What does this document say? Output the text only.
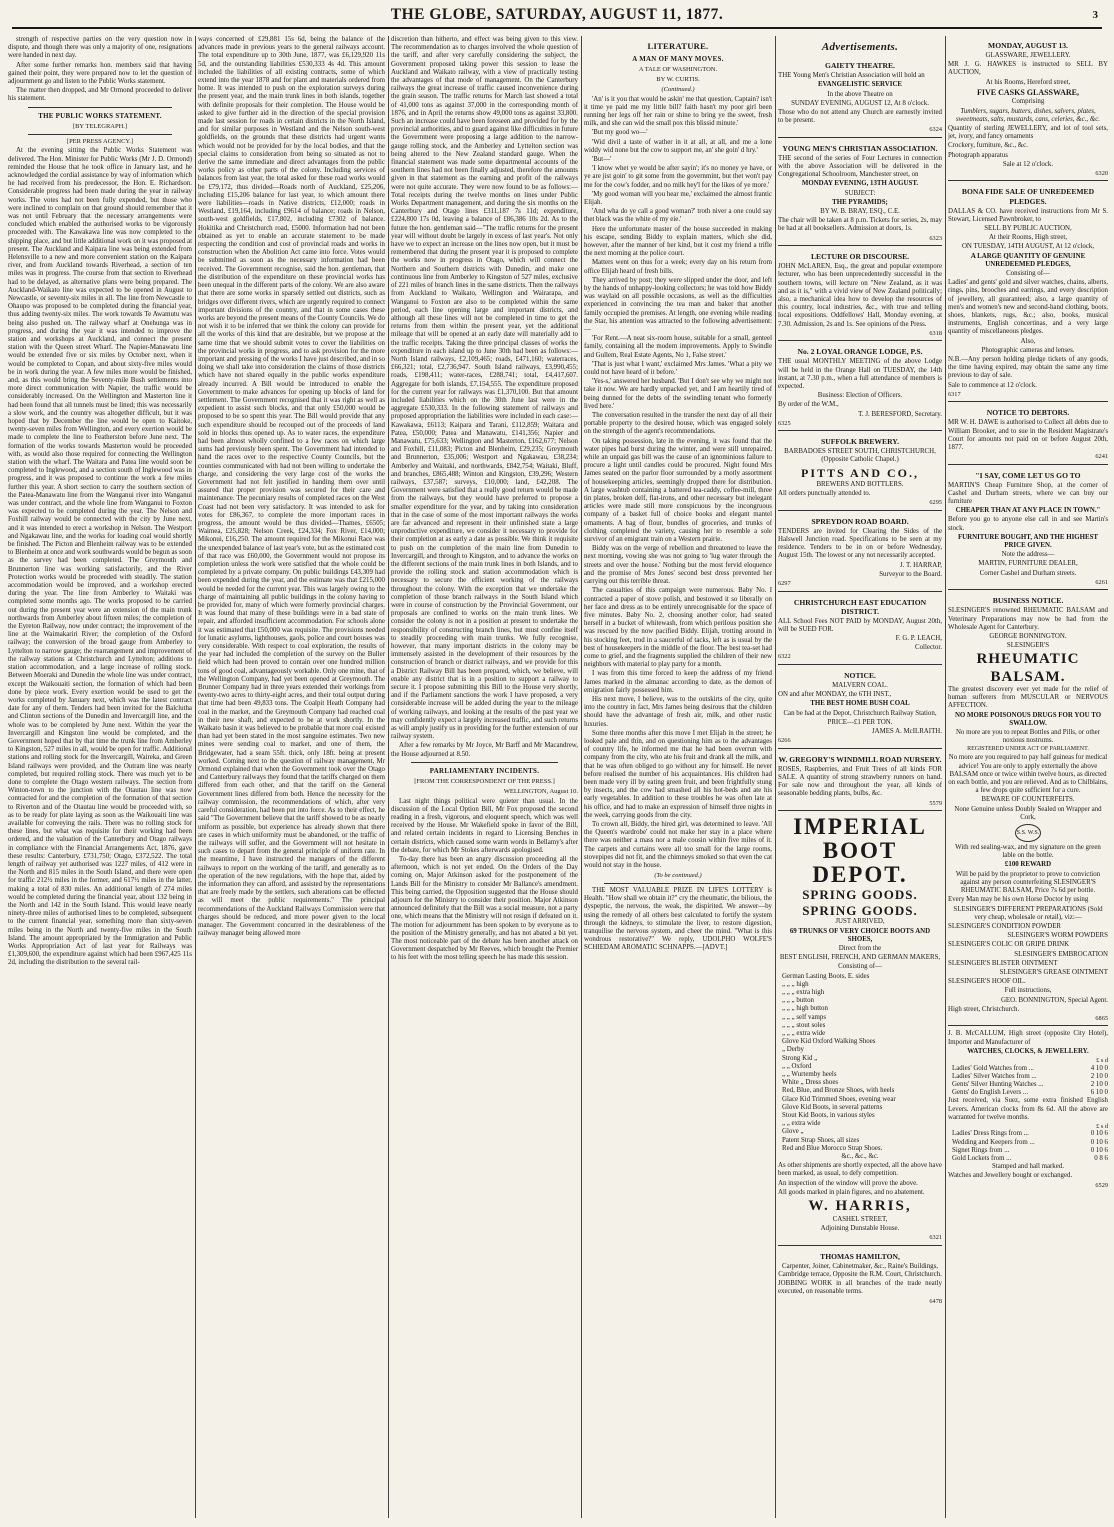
THE GLOBE, SATURDAY, AUGUST 11, 1877.	3

strength of respective parties on the very question now in dispute, and though there was only a majority of one, resignations were handed in next day.

After some further remarks hon. members said that having gained their point, they were prepared now to let the question of adjournment go and listen to the Public Works statement.

The matter then dropped, and Mr Ormond proceeded to deliver his statement.

THE PUBLIC WORKS STATEMENT.
[BY TELEGRAPH.]
[PER PRESS AGENCY.]

At the evening sitting the Public Works Statement was delivered. The Hon. Minister for Public Works (Mr J. D. Ormond) reminded the House that he took office in January last, and he acknowledged the cordial assistance by way of information which he had received from his predecessor, the Hon. E. Richardson. Considerable progress had been made during the year in railway works. The votes had not been fully expended, but those who were inclined to complain on that ground should remember that it was not until February that the necessary arrangements were concluded which enabled the authorised works to be vigorously proceeded with. The Kawakawa line was now completed to the shipping place, and but little additional work on it was proposed at present. The Auckland and Kaipara line was being extended from Helensville to a new and more convenient station on the Kaipara river, and from Auckland towards Riverhead, a section of ten miles was in progress. The course from that section to Riverhead had to be delayed, as alternative plans were being prepared. The Auckland-Waikato line was expected to be opened in August to Newcastle, or seventy-six miles in all. The line from Newcastle to Ohaupo was proposed to be completed during the financial year, thus adding twenty-six miles. The work towards Te Awamutu was being also pushed on. The railway wharf at Onehunga was in progress, and during the year it was intended to improve the station and workshops at Auckland, and connect the present station with the Queen street Wharf. The Napier-Manawatu line would be extended five or six miles by October next, when it would be completed to Copan, and about sixty-five miles would be in work during the year. A few miles more would be finished, and, as this would bring the Seventy-mile Bush settlements into more direct communication with Napier, the traffic would be considerably increased. On the Wellington and Masterton line it had been found that all tunnels must be lined; this was necessarily a slow work, and the country was altogether difficult, but it was hoped that by December the line would be open to Kaitoke, twenty-seven miles from Wellington, and every exertion would be made to complete the line to Featherston before June next. The formation of the works towards Masterton would be proceeded with, as would also those required for connecting the Wellington station with the wharf. The Waitara and Patea line would soon be completed to Inglewood, and a section south of Inglewood was in progress, and it was proposed to continue the work a few miles further this year. A short section to carry the southern section of the Patea-Manawatu line from the Wanganui river into Wanganui was under contract, and the whole line from Wanganui to Foxton was expected to be completed during the year. The Nelson and Foxhill railway would be connected with the city by June next, and it was intended to erect a workshop in Nelson. The Westport and Ngakawau line, and the works for loading coal would shortly be finished. The Picton and Blenheim railway was to be extended to Blenheim at once and work southwards would be begun as soon as the survey had been completed. The Greymouth and Brunnerton line was working satisfactorily, and the River Protection works would be proceeded with steadily. The station accommodation would be improved, and a workshop erected during the year. The line from Amberley to Waitaki was completed some months ago. The works proposed to be carried out during the present year were an extension of the main trunk northwards from Amberley about fifteen miles; the completion of the Eyreton Railway, now under contract; the improvement of the line at the Waimakariri River; the completion of the Oxford railway; the conversion of the broad gauge from Amberley to Lyttelton to narrow gauge; the rearrangement and improvement of the railway stations at Christchurch and Lyttelton; additions to station accommodation, and a large increase of rolling stock. Between Moeraki and Dunedin the whole line was under contract, except the Waikouaiti section, the formation of which had been done by piece work. Every exertion would be used to get the works completed by January next, which was the latest contract date for any of them. Tenders had been invited for the Balclutha and Clinton sections of the Dunedin and Invercargill line, and the whole was to be completed by June next. Within the year the Invercargill and Kingston line would be completed, and the Government hoped that by that time the trunk line from Amberley to Kingston, 527 miles in all, would be open for traffic. Additional stations and rolling stock for the Invercargill, Waireka, and Green Island railways were provided, and the Outram line was nearly completed, but required rolling stock. There was much yet to be done to complete the Otago western railways. The section from Winton-town to the junction with the Otautau line was now contracted for and the completion of the formation of that section to Riverton and of the Otautau line would be proceeded with, so as to be ready for plate laying as soon as the Waikouaiti line was available for conveying the rails. There was no rolling stock for these lines, but what was requisite for their working had been ordered, and the valuation of the Canterbury and Otago railways in compliance with the Financial Arrangements Act, 1876, gave these results: Canterbury, £731,750; Otago, £372,522. The total length of railway yet authorised was 1227 miles, of 412 were in the North and 815 miles in the South Island, and there were open for traffic 212½ miles in the former, and 617½ miles in the latter, making a total of 830 miles. An additional length of 274 miles would be completed during the financial year, about 132 being in the North and 142 in the South Island. This would leave nearly ninety-three miles of authorised lines to be completed, subsequent to the current financial year, something more than sixty-seven miles being in the North and twenty-five miles in the South Island. The amount appropriated by the Immigration and Public Works Appropriation Act of last year for Railways was £1,309,600, the expenditure against which had been £967,425 11s 2d, including the distribution to the several rail-

ways concerned of £29,881 15s 6d, being the balance of the advances made in previous years to the general railways account. The total expenditure up to 30th June, 1877, was £6,129,920 11s 5d, and the outstanding liabilities £530,333 4s 4d. This amount included the liabilities of all existing contracts, some of which extend into the year 1878 and for plant and materials ordered from home. It was intended to push on the exploration surveys during the present year, and the main trunk lines in both islands, together with definite proposals for their completion. The House would be asked to give further aid in the direction of the special provision made last session for roads in certain districts in the North Island, and for similar purposes in Westland and the Nelson south-west goldfields, on the grounds that these districts had urgent wants which would not be provided for by the local bodies, and that the special claims to consideration from being so situated as not to derive the same immediate and direct advantages from the public works policy as other parts of the colony. Including services of balances from last year, the total asked for these road works would be £79,172, thus divided—Roads north of Auckland, £25,206, including £15,206 balance for last year, to which amount there were liabilities—roads in Native districts, £12,000; roads in Westland, £19,164, including £9614 of balance; roads in Nelson, south-west goldfields, £17,802, including £7302 of balance. Hokitika and Christchurch road, £5000. Information had not been obtained as yet to enable an accurate statement to be made respecting the condition and cost of provincial roads and works in construction when the Abolition Act came into force. Votes would be submitted as soon as the necessary information had been received. The Government recognise, said the hon. gentleman, that the distribution of the expenditure on these provincial works has been unequal in the different parts of the colony. We are also aware that there are some works in sparsely settled out districts, such as bridges over different rivers, which are urgently required to connect important divisions of the country, and that in some cases these works are beyond the present means of the County Councils. We do not wish it to be inferred that we think the colony can provide for all the works of this kind that are desirable, but we propose at the same time that we should submit votes to cover the liabilities on the provincial works in progress, and to ask provision for the more important and pressing of the works I have just described, and in so doing we shall take into consideration the claims of those districts which have not shared equally in the public works expenditure already incurred. A Bill would be introduced to enable the Government to make advances for opening up blocks of land for settlement. The Government recognised that it was right as well as expedient to assist such blocks, and that only £50,000 would be proposed to be so spent this year. The Bill would provide that any such expenditure should be recouped out of the proceeds of land sold in blocks thus opened up. As to water races, the expenditure had been almost wholly confined to a few races on which large sums had previously been spent. The Government had intended to hand the races over to the respective County Councils, but the counties communicated with had not been willing to undertake the charge, and considering the very large cost of the works the Government had not felt justified in handing them over until assured that proper provision was secured for their care and maintenance. The pecuniary results of completed races on the West Coast had not been very satisfactory. It was intended to ask for votes for £86,367, to complete the more important races in progress, the amount would be thus divided—Thames, £6505; Waimea, £25,828; Nelson Creek, £24,334; Fox River, £14,000; Mikonui, £16,250. The amount required for the Mikonui Race was the unexpended balance of last year's vote, but as the estimated cost of that race was £60,000, the Government would not propose its completion unless the work were satisfied that the whole could be completed by a private company. On public buildings £43,309 had been expended during the year, and the estimate was that £215,000 would be needed for the current year. This was largely owing to the charge of maintaining all public buildings in the colony having to be provided for, many of which were formerly provincial charges. It was found that many of these buildings were in a bad state of repair, and afforded insufficient accommodation. For schools alone it was estimated that £50,000 was requisite. The provisions needed for lunatic asylums, lighthouses, gaols, police and court houses was very considerable. With respect to coal exploration, the results of the year had included the completion of the survey on the Buller field which had been proved to contain over one hundred million tons of good coal, advantageously workable. Only one mine, that of the Wellington Company, had yet been opened at Greymouth. The Brunner Company had in three years extended their workings from twenty-two acres to thirty-eight acres, and their total output during that time had been 49,833 tons. The Coalpit Heath Company had coal in the market, and the Greymouth Company had reached coal in their new shaft, and expected to be at work shortly. In the Waikato basin it was believed to be probable that more coal existed than had yet been stated in the most sanguine estimates. Two new mines were sending coal to market, and one of them, the Bridgewater, had a seam 55ft. thick, only 18ft. being at present worked. Coming next to the question of railway management, Mr Ormond explained that when the Government took over the Otago and Canterbury railways they found that the tariffs charged on them differed from each other, and that the tariff on the General Government lines differed from both. Hence the necessity for the railway commission, the recommendations of which, after very careful consideration, had been put into force. As to their effect, he said "The Government believe that the tariff showed to be as nearly uniform as possible, but experience has already shown that there are cases in which uniformity must be abandoned, or the traffic of the railways will suffer, and the Government will not hesitate in such cases to depart from the general principle of uniform rate. In the meantime, I have instructed the managers of the different railways to report on the working of the tariff, and generally as to the operation of the new regulations, with the hope that, aided by the information they can afford, and assisted by the representations that are freely made by the settlers, such alterations can be effected as will meet the public requirements." The principal recommendations of the Auckland Railways Commission were that charges should be reduced, and more power given to the local manager. The Government concurred in the desirableness of the railway manager being allowed more

discretion than hitherto, and effect was being given to this view. The recommendation as to charges involved the whole question of the tariff, and after very carefully considering the subject, the Government proposed taking power this session to lease the Auckland and Waikato railway, with a view of practically testing the advantages of that mode of management. On the Canterbury railways the great increase of traffic caused inconvenience during the grain season. The traffic returns for March last showed a total of 41,000 tons as against 37,000 in the corresponding month of 1876, and in April the returns show 49,000 tons as against 33,800. Such an increase could have been foreseen and provided for by the provincial authorities, and to guard against like difficulties in future the Government were proposing a large addition to the narrow-gauge rolling stock, and the Amberley and Lyttelton section was being altered to the New Zealand standard gauge. When the financial statement was made some departmental accounts of the southern lines had not been finally adjusted, therefore the amounts given in that statement as the earning and profit of the railways were not quite accurate. They were now found to be as follows:—Total receipts during the twelve months on lines under Public Works Department management, and during the six months on the Canterbury and Otago lines £311,187 7s 11d; expenditure, £224,800 17s 0d, leaving a balance of £86,386 10s 2d. As to the future the hon. gentleman said—"The traffic returns for the present year will without doubt be largely in excess of last year's. Not only have we to expect an increase on the lines now open, but it must be remembered that during the present year it is proposed to complete the works now in progress in Otago, which will connect the Northern and Southern districts with Dunedin, and make one continuous line from Amberley to Kingston of 527 miles, exclusive of 221 miles of branch lines in the same districts. Then the railways from Auckland to Waikato, Wellington and Wairarapa, and Wanganui to Foxton are also to be completed within the same period, each line opening large and important districts, and although all these lines will not be completed in time to get the returns from them within the present year, yet the additional mileage that will be opened at an early date will materially add to the traffic receipts. Taking the three principal classes of works the expenditure in each island up to June 30th had been as follows:—North Island railways, £2,109,465; roads, £471,160; waterraces, £66,321; total, £2,736,947. South Island railways, £3,990,455; roads, £198,411; water-races, £288,741; total, £4,417,607. Aggregate for both islands, £7,154,555. The expenditure proposed for the current year for railways was £1,370,100. But that amount included liabilities which on the 30th June last were in the aggregate £530,333. In the following statement of railways and proposed appropriation the liabilities were included in each case:—Kawakawa, £6113; Kaipara and Tarani, £112,859; Waitara and Patea, £50,000; Patea and Manawatu, £141,356; Napier and Manawatu, £75,633; Wellington and Masterton, £162,677; Nelson and Foxhill, £11,083; Picton and Blenheim, £29,235; Greymouth and Brunnerton, £35,006; Westport and Ngakawau, £38,234; Amberley and Waitaki, and northwards, £842,754; Waitaki, Bluff, and branches, £865,488; Winton and Kingston, £39,296; Western railways, £37,587; surveys, £10,000; land, £42,208. The Government were satisfied that a really good return would be made from the railways, but they would have preferred to propose a smaller expenditure for the year, and by taking into consideration that in the case of some of the most important railways the works are far advanced and represent in their unfinished state a large unproductive expenditure, we consider it necessary to provide for their completion at as early a date as possible. We think it requisite to push on the completion of the main line from Dunedin to Invercargill, and through to Kingston, and to advance the works on the different sections of the main trunk lines in both Islands, and to provide the rolling stock and station accommodation which is necessary to secure the efficient working of the railways throughout the colony. With the exception that we undertake the completion of those branch railways in the South Island which were in course of construction by the Provincial Government, our proposals are confined to works on the main trunk lines. We consider the colony is not in a position at present to undertake the responsibility of constructing branch lines, but must confine itself to steadily proceeding with main trunks. We fully recognise, however, that many important districts in the colony may be immensely assisted in the development of their resources by the construction of branch or district railways, and we provide for this a District Railway Bill has been prepared, which, we believe, will enable any district that is in a position to support a railway to secure it. I propose submitting this Bill to the House very shortly, and if the Parliament sanctions the work I have proposed, a very considerable increase will be added during the year to the mileage of working railways, and looking at the results of the past year we may confidently expect a largely increased traffic, and such returns as will amply justify us in providing for the further extension of our railway system.

After a few remarks by Mr Joyce, Mr Barff and Mr Macandrew, the House adjourned at 8.50.

PARLIAMENTARY INCIDENTS.
[FROM THE CORRESPONDENT OF THE PRESS.]
WELLINGTON, August 10.

Last night things political were quieter than usual. In the discussion of the Local Option Bill, Mr Fox proposed the second reading in a fresh, vigorous, and eloquent speech, which was well received by the House. Mr Wakefield spoke in favor of the Bill, and related certain incidents in regard to Licensing Benches in certain districts, which caused some warm words in Bellamy's after the debate, for which Mr Stokes afterwards apologised.

To-day there has been an angry discussion proceeding all the afternoon, which is not yet ended. On the Orders of the Day coming on, Major Atkinson asked for the postponement of the Lands Bill for the Ministry to consider Mr Ballance's amendment. This being carried, the Opposition suggested that the House should adjourn for the Ministry to consider their position. Major Atkinson announced definitely that the Bill was a social measure, not a party one, which means that the Ministry will not resign if defeated on it. The motion for adjournment has been spoken to by everyone as to the position of the Ministry generally, and has not abated a bit yet. The most noticeable part of the debate has been another attack on Government despatched by Mr Reeves, which brought the Premier to his feet with the most telling speech he has made this session.

LITERATURE.
A MAN OF MANY MOVES.
A TALE OF WASHINGTON.
BY W. CURTIS.
(Continued.)

'An' is it you that would be askin' me that question, Captain? isn't it time ye paid me my little bill? faith hasn't my poor girl been running her legs off her rain or shine to bring ye the sweet, fresh milk, and she can wid the small pox this blissid minute.'

'But my good wo—'

'Wid divil a taste of wather in it at all, at all, and me a lone widdy wid none but the cow to support me, an' she goin' d hry.'

'But—'

'I know whet ye would be after sayin'; it's no money ye have, or ye are jist goin' to git some from the governmint, but thet won't pay me for the cow's fodder, and no milk hey'l for the likes of ye more.'

'My good woman will you hear me,' exclaimed the almost frantic Elijah.

'And wha do ye call a good woman?' troth niver a one could say thet black was the white of my eie.'

Here the unfortunate master of the house succeeded in making his escape, sending Biddy to explain matters, which she did, however, after the manner of her kind, but it cost my friend a trifle the next morning at the police court.

Matters went on thus for a week; every day on his return from office Elijah heard of fresh bills.

They arrived by post; they were slipped under the door, and left by the hands of unhappy-looking collectors; he was told how Biddy was waylaid on all possible occasions, as well as the difficulties experienced in convincing the tea man and baker that another family occupied the premises. At length, one evening while reading the Star, his attention was attracted to the following advertisement:—

'For Rent.—A neat six-room house, suitable for a small, genteel family, containing all the modern improvements. Apply to Swindle and Gullem, Real Estate Agents, No 1, False street.'

'That is just what I want,' exclaimed Mrs James. 'What a pity we could not have heard of it before.'

'Yes-s,' answered her husband. 'But I don't see why we might not take it now. We are hardly unpacked yet, and I am heartily tired of being dunned for the debts of the swindling tenant who formerly lived here.'

The conversation resulted in the transfer the next day of all their portable property to the desired house, which was engaged solely on the strength of the agent's recommendations.

On taking possession, late in the evening, it was found that the water pipes had burst during the winter, and were still unrepaired, while an unpaid gas bill was the cause of an ignominious failure to procure a light until candles could be procured. Night found Mrs James seated on the parlor floor surrounded by a motly assortment of housekeeping articles, seemingly dropped there for distribution. A large washtub containing a battered tea-caddy, coffee-mill, three tin plates, broken delf, flat-irons, and other necessary but inelegant articles were made still more conspicuous by the incongruous company of a basket full of choice books and elegant mantel ornaments. A bag of flour, bundles of groceries, and trunks of clothing completed the variety, causing her to resemble a sole survivor of an emigrant train on a Western prairie.

Biddy was on the verge of rebellion and threatened to leave the next morning, vowing she was not going to 'lug water through the streets and over the house.' Nothing but the most fervid eloquence and the promise of Mrs Jones' second best dress prevented her carrying out this terrible threat.

The casualties of this campaign were numerous. Baby No. I contracted a paper of stove polish, and bestowed it so liberally on her face and dress as to be entirely unrecognisable for the space of five minutes. Baby No. 2, choosing another color, had seated herself in a bucket of whitewash, from which perilous position she was rescued by the now pacified Biddy. Elijah, trotting around in his stocking feet, trod in a saucerful of tacks, left as is usual by the best of housekeepers in the middle of the floor. The best tea-set had come to grief, and the fragments supplied the children of their new neighbors with material to play party for a month.

I was from this time forced to keep the address of my friend James marked in the almanac according to date, as the demon of emigration fairly possessed him.

His next move, I believe, was to the outskirts of the city, quite into the country in fact, Mrs James being desirous that the children should have the advantage of fresh air, milk, and other rustic luxuries.

Some three months after this move I met Elijah in the street; he looked pale and thin, and on questioning him as to the advantages of country life, he informed me that he had been overrun with company from the city, who ate his fruit and drank all the milk, and that he was often obliged to go without any for himself. He never before realised the number of his acquaintances. His children had been made very ill by eating green fruit, and been frightfully stung by insects, and the cow had smashed all his hot-beds and ate his early vegetables. In addition to these troubles he was often late at his office, and had to make an expression of himself three nights in the week, carrying goods from the city.

To crown all, Biddy, the hired girl, was determined to leave. 'All the Queen's wardrobe' could not make her stay in a place where there was neither a mass nor a male cousin within five miles of it. The carpets and curtains were all too small for the large rooms, stovepipes did not fit, and the chimneys smoked so that even the cat would not stay in the house.

(To be continued.)

THE MOST VALUABLE PRIZE IN LIFE'S LOTTERY is Health. "How shall we obtain it?" cry the rheumatic, the bilious, the dyspeptic, the nervous, the weak, the dispirited. We answer—by using the remedy of all others best calculated to fortify the system through the kidneys, to stimulate the liver, to restore digestion, tranquilise the nervous system, and cheer the mind. "What is this wondrous restorative?" We reply, UDOLPHO WOLFE'S SCHIEDAM AROMATIC SCHNAPPS.—[ADVT.]

Advertisements.
GAIETY THEATRE.

THE Young Men's Christian Association will hold an

EVANGELISTIC SERVICE

In the above Theatre on

SUNDAY EVENING, AUGUST 12, At 8 o'clock.

Those who do not attend any Church are earnestly invited to be present.

6324
YOUNG MEN'S CHRISTIAN ASSOCIATION.

THE second of the series of Four Lectures in connection with the above Association will be delivered in the Congregational Schoolroom, Manchester street, on

MONDAY EVENING, 13TH AUGUST.

SUBJECT:

THE PYRAMIDS;

BY W. B. BRAY, ESQ., C.E.

The chair will be taken at 8 p.m. Tickets for series, 2s, may be had at all booksellers. Admission at doors, 1s.

6323
LECTURE OR DISCOURSE.

JOHN McLAREN, Esq., the great and popular extempore lecturer, who has been unprecedentedly successful in the southern towns, will lecture on "New Zealand, as it was and as it is," with a vivid view of New Zealand politically; also, a mechanical idea how to develop the resources of this country, local industries, &c., with true and telling local expositions. Oddfellows' Hall, Monday evening, at 7.30. Admission, 2s and 1s. See opinions of the Press.

6318
No. 2 LOYAL ORANGE LODGE, P.S.

THE usual MONTHLY MEETING of the above Lodge will be held in the Orange Hall on TUESDAY, the 14th instant, at 7.30 p.m., when a full attendance of members is expected.

Business: Election of Officers.

By order of the W.M.,

T. J. BERESFORD, Secretary.

6325
SUFFOLK BREWERY.

BARBADOES STREET SOUTH, CHRISTCHURCH, (Opposite Catholic Chapel.)

PITTS AND CO.,

BREWERS AND BOTTLERS.

All orders punctually attended to.

6295
SPREYDON ROAD BOARD.

TENDERS are invited for Clearing the Sides of the Halswell Junction road. Specifications to be seen at my residence. Tenders to be in on or before Wednesday, August 15th. The lowest or any not necessarily accepted.

J. T. HARRAP,

Surveyor to the Board.

6297
CHRISTCHURCH EAST EDUCATION DISTRICT.

ALL School Fees NOT PAID by MONDAY, August 20th, will be SUED FOR.

F. G. P. LEACH,

Collector.

6322
NOTICE.

MALVERN COAL.

ON and after MONDAY, the 6TH INST.,

THE BEST HOME BUSH COAL

Can be had at the Depot, Christchurch Railway Station,

PRICE—£1 PER TON.

JAMES A. McILRAITH.

6266
W. GREGORY'S WINDMILL ROAD NURSERY.

ROSES, Raspberries, and Fruit Trees of all kinds FOR SALE. A quantity of strong strawberry runners on hand. For sale now and throughout the year, all kinds of seasonable bedding plants, bulbs, &c.

5579
IMPERIAL
BOOT DEPOT.
SPRING GOODS.
SPRING GOODS.

JUST ARRIVED,

69 TRUNKS OF VERY CHOICE BOOTS AND SHOES,

Direct from the

BEST ENGLISH, FRENCH, AND GERMAN MAKERS,

Consisting of—

German Lasting Boots, E. sides
„ „ „ high
„ „ „ extra high
„ „ „ button
„ „ „ high button
„ „ „ self vamps
„ „ „ stout soles
„ „ „ extra wide
Glove Kid Oxford Walking Shoes
„ Derby
Strong Kid „
„ „ Oxford
„ „ Wurtemby heels
White „ Dress shoes
Red, Blue, and Bronze Shoes, with heels
Glace Kid Trimmed Shoes, evening wear
Glove Kid Boots, in several patterns
Stout Kid Boots, in various styles
„ „ extra wide
Glove „
Patent Strap Shoes, all sizes
Red and Blue Morocco Strap Shoes.

&c., &c., &c.

As other shipments are shortly expected, all the above have been marked, as usual, to defy competition.

An inspection of the window will prove the above.

All goods marked in plain figures, and no abatement.

W. HARRIS,

CASHEL STREET,

Adjoining Dunstable House.

6321
THOMAS HAMILTON,

Carpenter, Joiner, Cabinetmaker, &c., Raine's Buildings, Cambridge terrace, Opposite the R.M. Court, Christchurch.

JOBBING WORK in all branches of the trade neatly executed, on reasonable terms.

6478
MONDAY, AUGUST 13.

GLASSWARE, JEWELLERY.

MR J. G. HAWKES is instructed to SELL BY AUCTION,

At his Rooms, Hereford street,

FIVE CASKS GLASSWARE,

Comprising

Tumblers, sugars, butters, dishes, salvers, plates, sweetmeats, salts, mustards, cans, celeries, &c., &c.

Quantity of sterling JEWELLERY, and lot of tool sets, jet, ivory, and fancy ornaments

Crockery, furniture, &c., &c.

Photograph apparatus

Sale at 12 o'clock.

6320
BONA FIDE SALE OF UNREDEEMED PLEDGES.

DALLAS & CO. have received instructions from Mr S. Stewart, Licensed Pawnbroker, to

SELL BY PUBLIC AUCTION,

At their Rooms, High street,

ON TUESDAY, 14TH AUGUST, At 12 o'clock,

A LARGE QUANTITY OF GENUINE UNREDEEMED PLEDGES,

Consisting of—

Ladies' and gents' gold and silver watches, chains, alberts, rings, pins, brooches and earrings, and every description of jewellery, all guaranteed; also, a large quantity of men's and women's new and second-hand clothing, boots, shoes, blankets, rugs, &c.; also, books, musical instruments, English concertinas, and a very large quantity of miscellaneous pledges.

Also,

Photographic cameras and lenses.

N.B.—Any person holding pledge tickets of any goods, the time having expired, may obtain the same any time previous to day of sale.

Sale to commence at 12 o'clock.

6317
NOTICE TO DEBTORS.

MR W. H. DAWE is authorised to Collect all debts due to William Brooker, and to sue in the Resident Magistrate's Court for amounts not paid on or before August 20th, 1877.

6241
"I SAY, COME LET US GO TO

MARTIN'S Cheap Furniture Shop, at the corner of Cashel and Durham streets, where we can buy our furniture

CHEAPER THAN AT ANY PLACE IN TOWN."

Before you go to anyone else call in and see Martin's stock.

FURNITURE BOUGHT, AND THE HIGHEST PRICE GIVEN.

Note the address—

MARTIN, FURNITURE DEALER,

Corner Cashel and Durham streets.

6261
BUSINESS NOTICE.

SLESINGER'S renowned RHEUMATIC BALSAM and Veterinary Preparations may now be had from the Wholesale Agent for Canterbury.

GEORGE BONNINGTON.

SLESINGER'S

RHEUMATIC BALSAM.

The greatest discovery ever yet made for the relief of human sufferers from MUSCULAR or NERVOUS AFFECTION.

NO MORE POISONOUS DRUGS FOR YOU TO SWALLOW.

No more are you to repeat Bottles and Pills, or other noxious nostrums.

REGISTERED UNDER ACT OF PARLIAMENT.

No more are you required to pay half guineas for medical advice! You are only to apply externally the above BALSAM once or twice within twelve hours, as directed on each bottle, and you are relieved. And as to Chilblains, a few drops quite sufficient for a cure.

BEWARE OF COUNTERFEITS.

None Genuine unless Doubly Sealed on Wrapper and Cork,

S.S. W.S.

With red sealing-wax, and my signature on the green lable on the bottle.

£100 REWARD

Will be paid by the proprietor to prove to conviction against any person counterfeiting SLESINGER'S RHEUMATIC BALSAM, Price 7s 6d per bottle.

Every Man may be his own Horse Doctor by using

SLESINGER'S DIFFERENT PREPARATIONS (Sold very cheap, wholesale or retail), viz:—

SLESINGER'S CONDITION POWDER

SLESINGER'S WORM POWDERS

SLESINGER'S COLIC OR GRIPE DRINK

SLESINGER'S EMBROCATION

SLESINGER'S BLISTER OINTMENT

SLESINGER'S GREASE OINTMENT

SLESINGER'S HOOF OIL.

Full instructions,

GEO. BONNINGTON, Special Agent.

High street, Christchurch.

6865

J. B. McCALLUM, High street (opposite City Hotel), Importer and Manufacturer of

WATCHES, CLOCKS, & JEWELLERY.

£ s d
Ladies' Gold Watches from ...	4 10 0
Ladies' Silver Watches from ...	2 10 0
Gents' Silver Hunting Watches ...	2 10 0
Gents' do English Levers ...	6 10 0

Just received, via Suez, some extra finished English Levers. American clocks from 8s 6d. All the above are warranted for twelve months.

£ s d
Ladies' Dress Rings from ...	0 10 6
Wedding and Keepers from ...	0 10 6
Signet Rings from ...	0 10 6
Gold Lockets from ...	0 8 6

Stamped and hall marked.

Watches and Jewellery bought or exchanged.

6529
